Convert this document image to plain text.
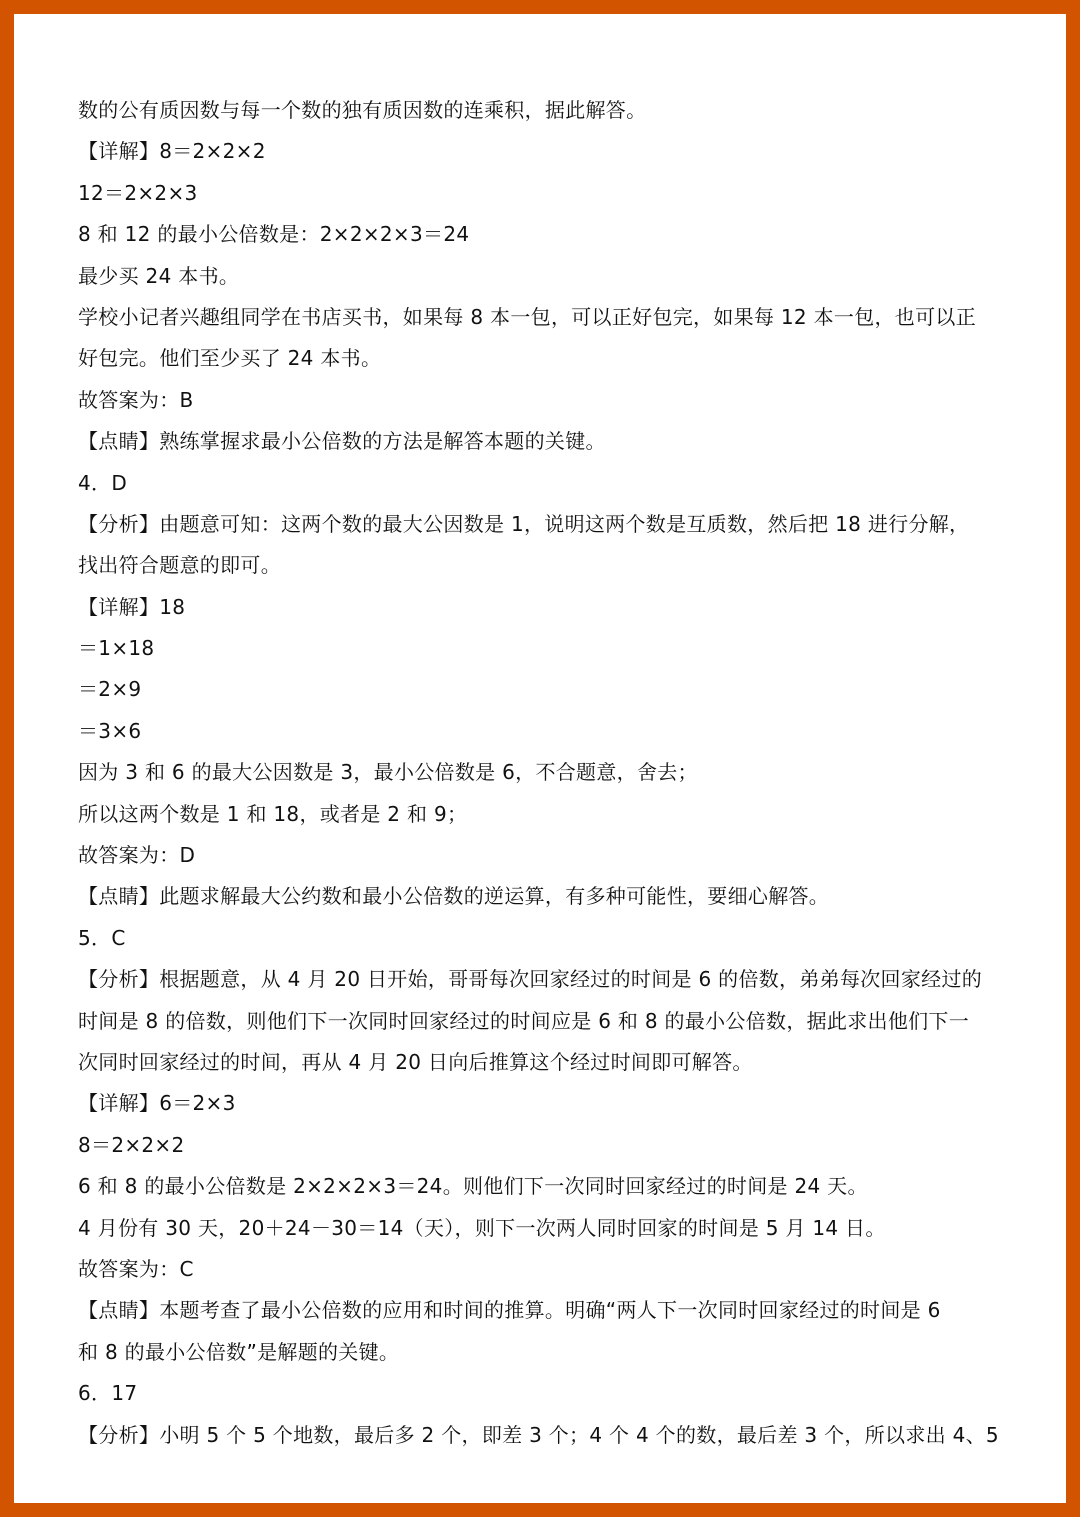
数的公有质因数与每一个数的独有质因数的连乘积，据此解答。
【详解】8＝2×2×2
12＝2×2×3
8 和 12 的最小公倍数是：2×2×2×3＝24
最少买 24 本书。
学校小记者兴趣组同学在书店买书，如果每 8 本一包，可以正好包完，如果每 12 本一包，也可以正
好包完。他们至少买了 24 本书。
故答案为：B
【点睛】熟练掌握求最小公倍数的方法是解答本题的关键。
4．D
【分析】由题意可知：这两个数的最大公因数是 1，说明这两个数是互质数，然后把 18 进行分解，
找出符合题意的即可。
【详解】18
＝1×18
＝2×9
＝3×6
因为 3 和 6 的最大公因数是 3，最小公倍数是 6，不合题意，舍去；
所以这两个数是 1 和 18，或者是 2 和 9；
故答案为：D
【点睛】此题求解最大公约数和最小公倍数的逆运算，有多种可能性，要细心解答。
5．C
【分析】根据题意，从 4 月 20 日开始，哥哥每次回家经过的时间是 6 的倍数，弟弟每次回家经过的
时间是 8 的倍数，则他们下一次同时回家经过的时间应是 6 和 8 的最小公倍数，据此求出他们下一
次同时回家经过的时间，再从 4 月 20 日向后推算这个经过时间即可解答。
【详解】6＝2×3
8＝2×2×2
6 和 8 的最小公倍数是 2×2×2×3＝24。则他们下一次同时回家经过的时间是 24 天。
4 月份有 30 天，20＋24－30＝14（天），则下一次两人同时回家的时间是 5 月 14 日。
故答案为：C
【点睛】本题考查了最小公倍数的应用和时间的推算。明确“两人下一次同时回家经过的时间是 6
和 8 的最小公倍数”是解题的关键。
6．17
【分析】小明 5 个 5 个地数，最后多 2 个，即差 3 个；4 个 4 个的数，最后差 3 个，所以求出 4、5
